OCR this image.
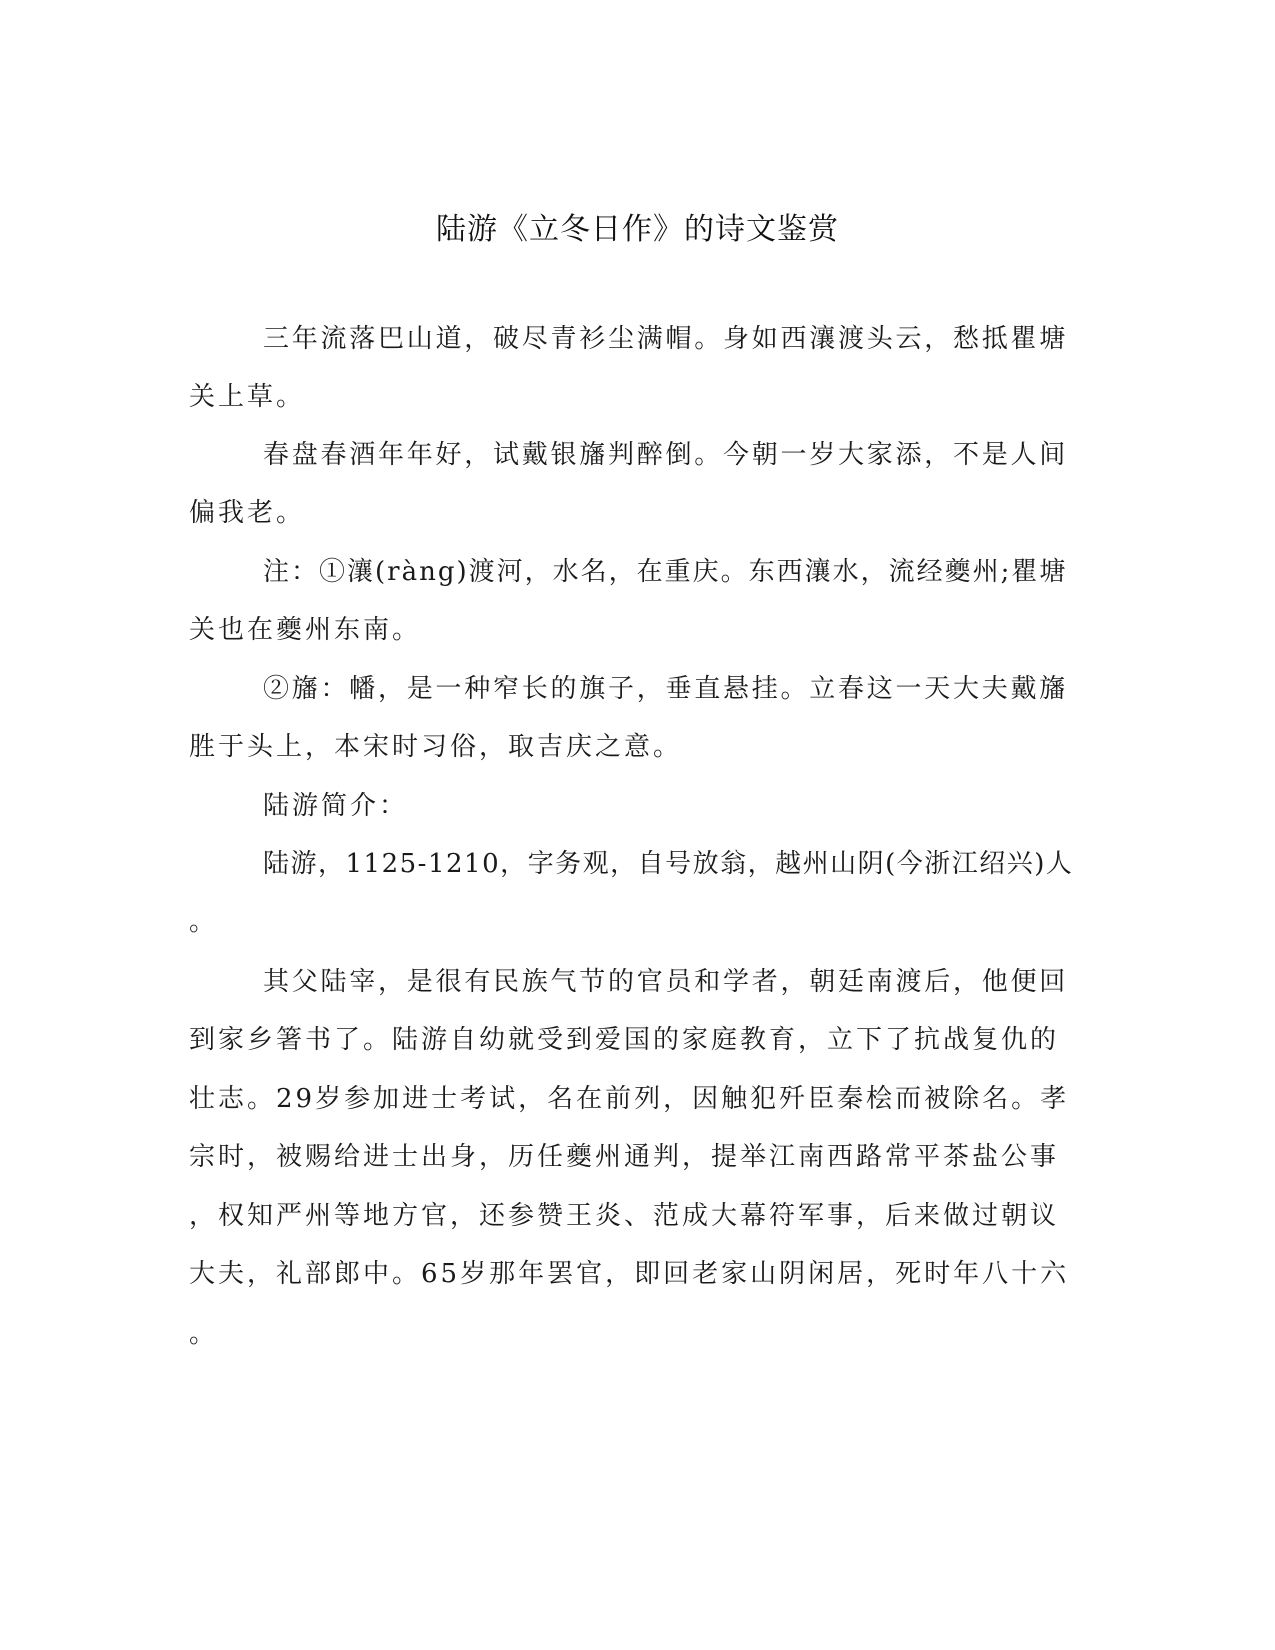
陆游《立冬日作》的诗文鉴赏
三年流落巴山道，破尽青衫尘满帽。身如西瀼渡头云，愁抵瞿塘
关上草。
春盘春酒年年好，试戴银旛判醉倒。今朝一岁大家添，不是人间
偏我老。
注：①瀼(ràng)渡河，水名，在重庆。东西瀼水，流经夔州;瞿塘
关也在夔州东南。
②旛：幡，是一种窄长的旗子，垂直悬挂。立春这一天大夫戴旛
胜于头上，本宋时习俗，取吉庆之意。
陆游简介：
陆游，1125-1210，字务观，自号放翁，越州山阴(今浙江绍兴)人
。
其父陆宰，是很有民族气节的官员和学者，朝廷南渡后，他便回
到家乡箸书了。陆游自幼就受到爱国的家庭教育，立下了抗战复仇的
壮志。29岁参加进士考试，名在前列，因触犯歼臣秦桧而被除名。孝
宗时，被赐给进士出身，历任夔州通判，提举江南西路常平茶盐公事
，权知严州等地方官，还参赞王炎、范成大幕符军事，后来做过朝议
大夫，礼部郎中。65岁那年罢官，即回老家山阴闲居，死时年八十六
。
